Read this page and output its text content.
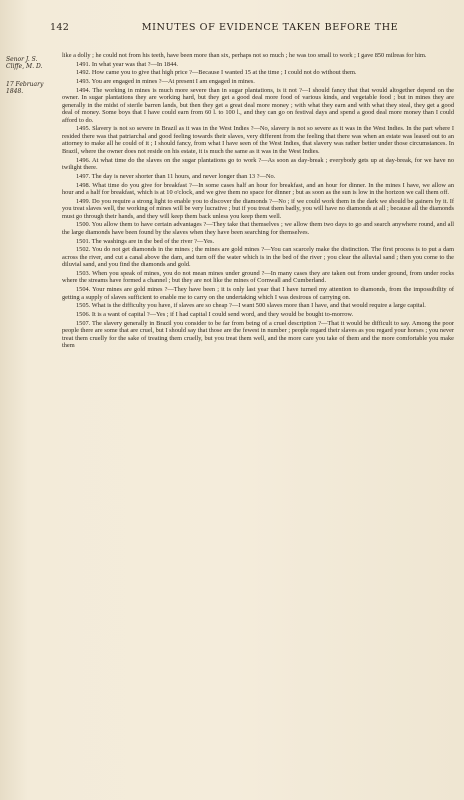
142	MINUTES OF EVIDENCE TAKEN BEFORE THE
Senor J. S. Cliffe, M. D.
17 February 1848.

like a dolly ; he could not from his teeth, have been more than six, perhaps not so much ; he was too small to work ; I gave 850 milreas for him.

1491. In what year was that ?—In 1844.

1492. How came you to give that high price ?—Because I wanted 15 at the time ; I could not do without them.

1493. You are engaged in mines ?—At present I am engaged in mines.

1494. The working in mines is much more severe than in sugar plantations, is it not ?—I should fancy that that would altogether depend on the owner. In sugar plantations they are working hard, but they get a good deal more food of various kinds, and vegetable food ; but in mines they are generally in the midst of sterile barren lands, but then they get a great deal more money ; with what they earn and with what they steal, they get a good deal of money. Some boys that I have could earn from 60 l. to 100 l., and they can go on festival days and spend a good deal more money than I could afford to do.

1495. Slavery is not so severe in Brazil as it was in the West Indies ?—No, slavery is not so severe as it was in the West Indies. In the part where I resided there was that patriarchal and good feeling towards their slaves, very different from the feeling that there was when an estate was leased out to an attorney to make all he could of it ; I should fancy, from what I have seen of the West Indies, that slavery was rather better under those circumstances. In Brazil, where the owner does not reside on his estate, it is much the same as it was in the West Indies.

1496. At what time do the slaves on the sugar plantations go to work ?—As soon as day-break ; everybody gets up at day-break, for we have no twilight there.

1497. The day is never shorter than 11 hours, and never longer than 13 ?—No.

1498. What time do you give for breakfast ?—In some cases half an hour for breakfast, and an hour for dinner. In the mines I have, we allow an hour and a half for breakfast, which is at 10 o'clock, and we give them no space for dinner ; but as soon as the sun is low in the horizon we call them off.

1499. Do you require a strong light to enable you to discover the diamonds ?—No ; if we could work them in the dark we should be gainers by it. If you treat slaves well, the working of mines will be very lucrative ; but if you treat them badly, you will have no diamonds at all ; because all the diamonds must go through their hands, and they will keep them back unless you keep them well.

1500. You allow them to have certain advantages ?—They take that themselves ; we allow them two days to go and search anywhere round, and all the large diamonds have been found by the slaves when they have been searching for themselves.

1501. The washings are in the bed of the river ?—Yes.

1502. You do not get diamonds in the mines ; the mines are gold mines ?—You can scarcely make the distinction. The first process is to put a dam across the river, and cut a canal above the dam, and turn off the water which is in the bed of the river ; you clear the alluvial sand ; then you come to the diluvial sand, and you find the diamonds and gold.

1503. When you speak of mines, you do not mean mines under ground ?—In many cases they are taken out from under ground, from under rocks where the streams have formed a channel ; but they are not like the mines of Cornwall and Cumberland.

1504. Your mines are gold mines ?—They have been ; it is only last year that I have turned my attention to diamonds, from the impossibility of getting a supply of slaves sufficient to enable me to carry on the undertaking which I was desirous of carrying on.

1505. What is the difficulty you have, if slaves are so cheap ?—I want 500 slaves more than I have, and that would require a large capital.

1506. It is a want of capital ?—Yes ; if I had capital I could send word, and they would be bought to-morrow.

1507. The slavery generally in Brazil you consider to be far from being of a cruel description ?—That it would be difficult to say. Among the poor people there are some that are cruel, but I should say that those are the fewest in number ; people regard their slaves as you regard your horses ; you never treat them cruelly for the sake of treating them cruelly, but you treat them well, and the more care you take of them and the more comfortable you make them
